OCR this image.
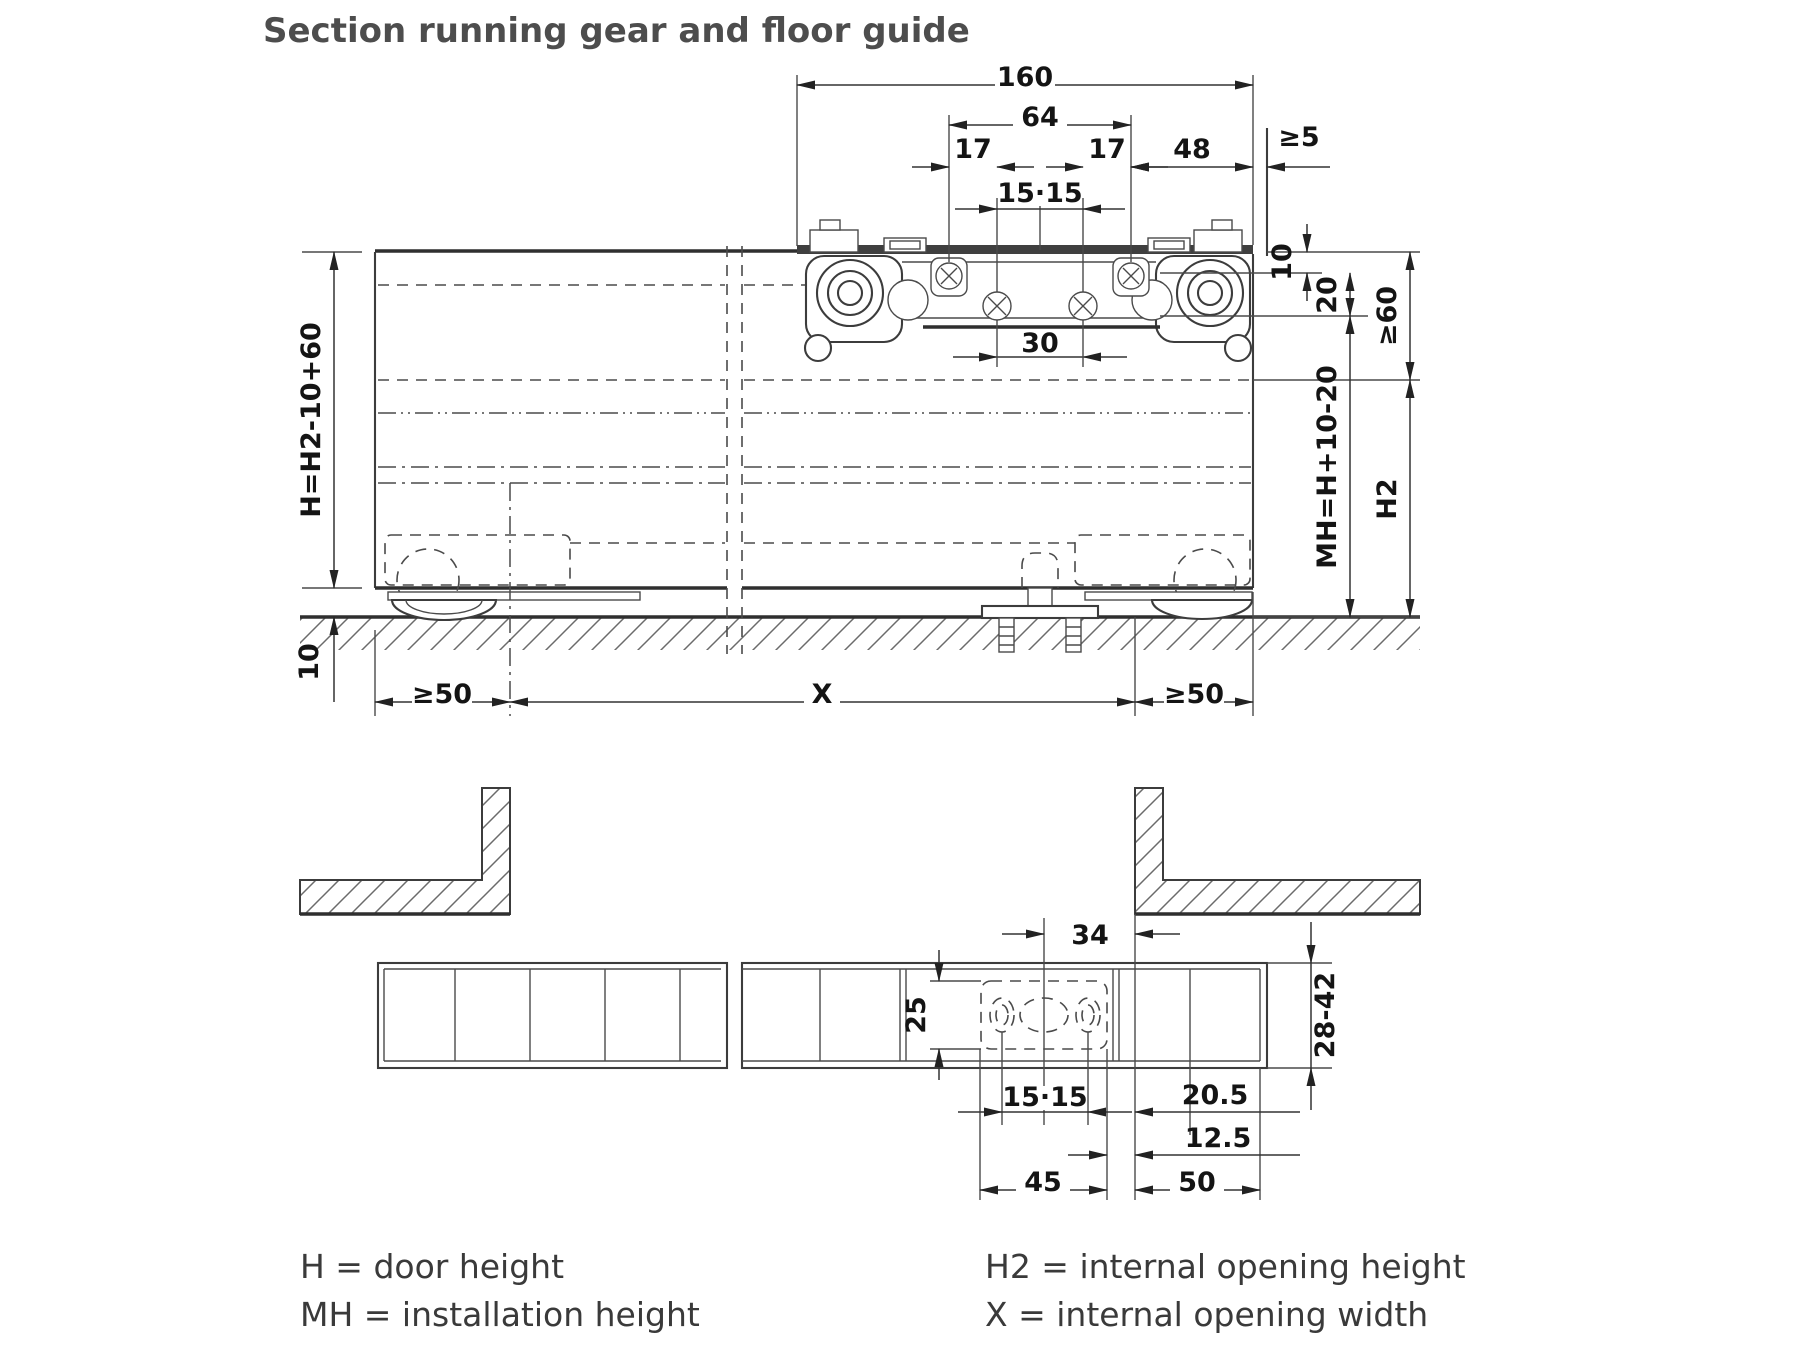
160
64
17	17 48
15·15
≥5
30
10
20 ≥60
MH=H+10-20 H2
H=H2-10+60
10
≥50	X	≥50
34
25	28-42
15·15	20.5
12.5
45	50
Section running gear and floor guide
H = door height
MH = installation height
H2 = internal opening height
X = internal opening width
